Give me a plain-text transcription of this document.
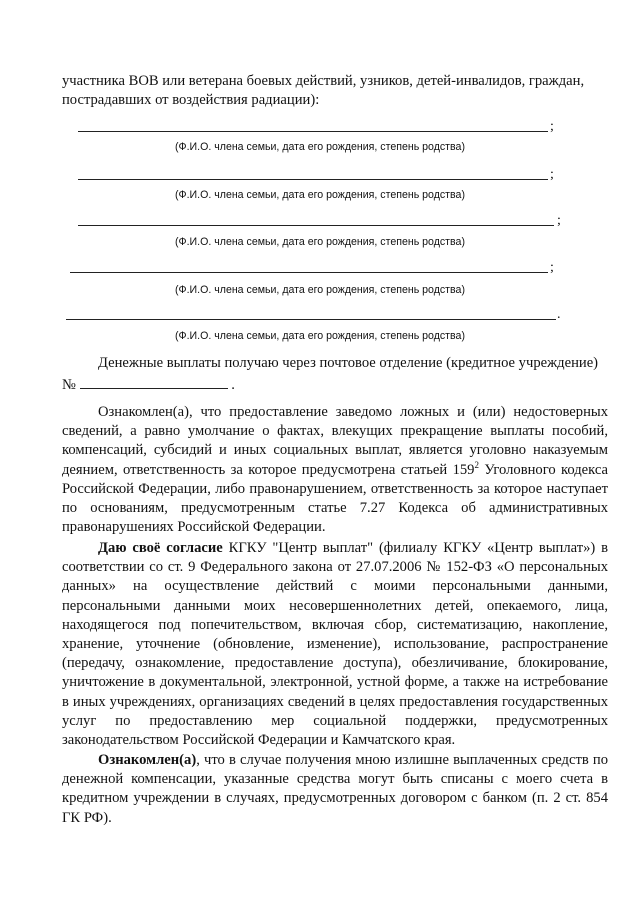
участника ВОВ или ветерана боевых действий, узников, детей-инвалидов, граждан,
пострадавших от воздействия радиации):

;

(Ф.И.О. члена семьи, дата его рождения, степень родства)

;

(Ф.И.О. члена семьи, дата его рождения, степень родства)

;

(Ф.И.О. члена семьи, дата его рождения, степень родства)

;

(Ф.И.О. члена семьи, дата его рождения, степень родства)

.

(Ф.И.О. члена семьи, дата его рождения, степень родства)

Денежные выплаты получаю через почтовое отделение (кредитное учреждение)

№	.

Ознакомлен(а), что предоставление заведомо ложных и (или) недостоверных сведений, а равно умолчание о фактах, влекущих прекращение выплаты пособий, компенсаций, субсидий и иных социальных выплат, является уголовно наказуемым деянием, ответственность за которое предусмотрена статьей $159^2$ Уголовного кодекса Российской Федерации, либо правонарушением, ответственность за которое наступает по основаниям, предусмотренным статье 7.27 Кодекса об административных правонарушениях Российской Федерации.

Даю своё согласие КГКУ "Центр выплат" (филиалу КГКУ «Центр выплат») в соответствии со ст. 9 Федерального закона от 27.07.2006 № 152-ФЗ «О персональных данных» на осуществление действий с моими персональными данными, персональными данными моих несовершеннолетних детей, опекаемого, лица, находящегося под попечительством, включая сбор, систематизацию, накопление, хранение, уточнение (обновление, изменение), использование, распространение (передачу, ознакомление, предоставление доступа), обезличивание, блокирование, уничтожение в документальной, электронной, устной форме, а также на истребование в иных учреждениях, организациях сведений в целях предоставления государственных услуг по предоставлению мер социальной поддержки, предусмотренных законодательством Российской Федерации и Камчатского края.

Ознакомлен(а), что в случае получения мною излишне выплаченных средств по денежной компенсации, указанные средства могут быть списаны с моего счета в кредитном учреждении в случаях, предусмотренных договором с банком (п. 2 ст. 854 ГК РФ).
